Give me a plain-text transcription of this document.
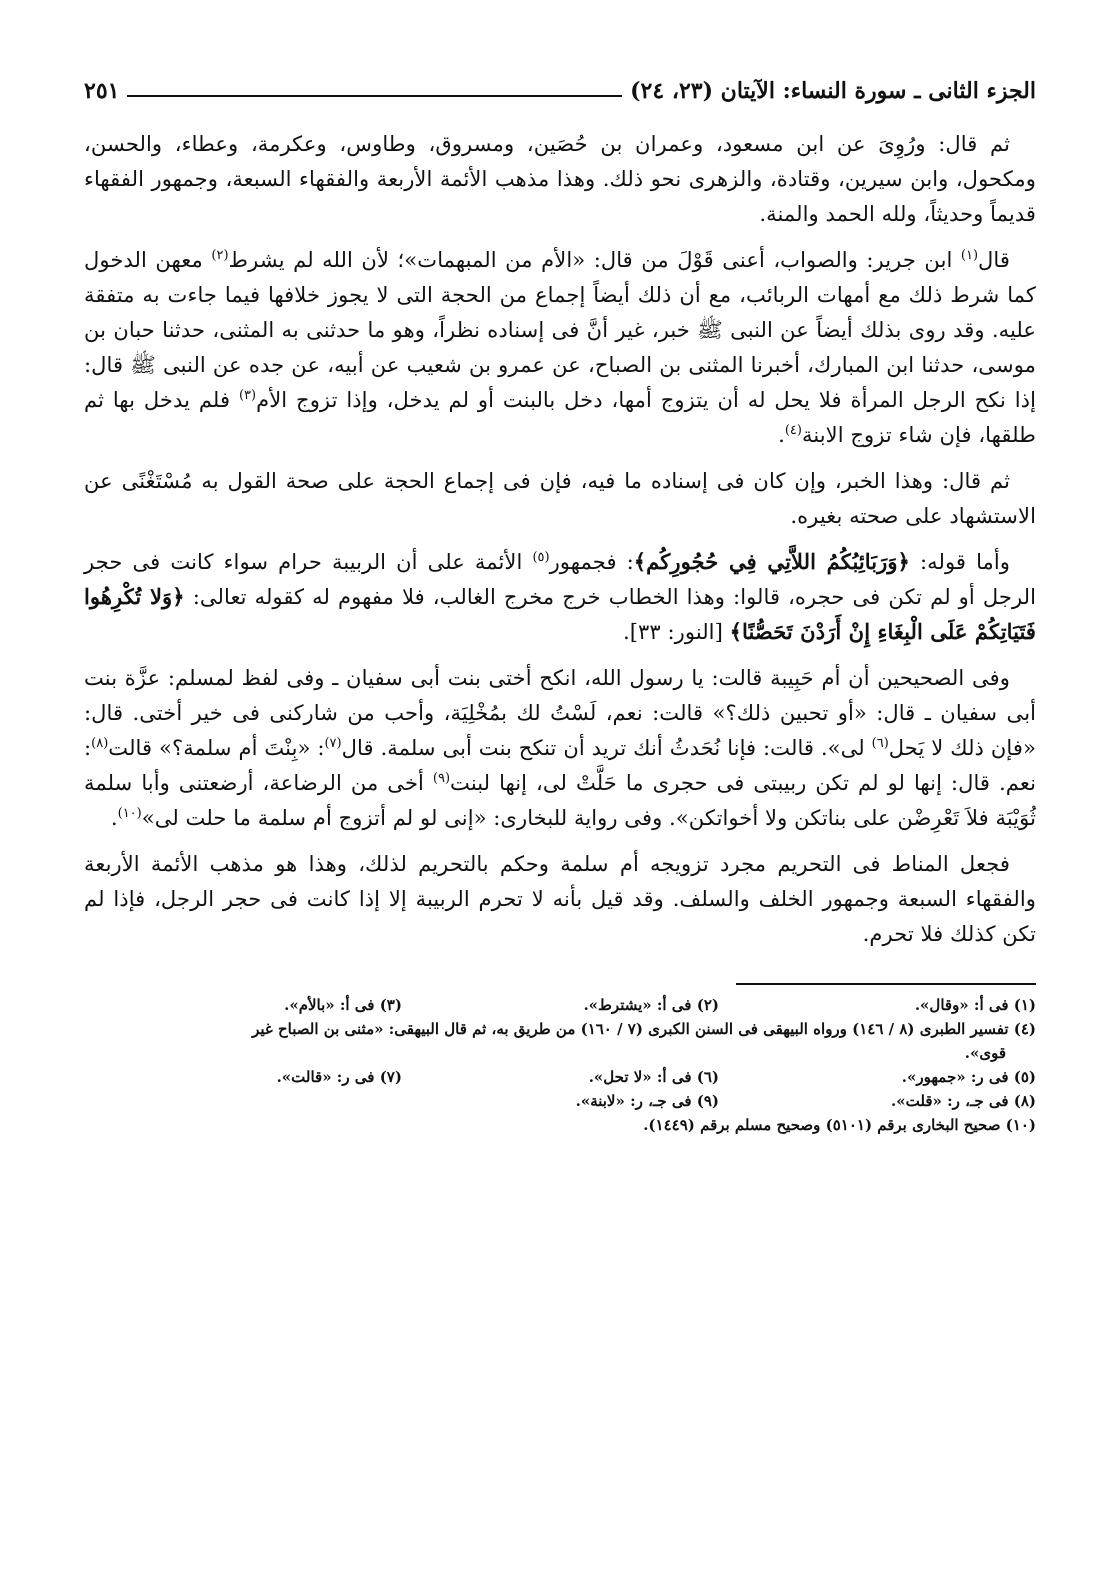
الجزء الثانى ـ سورة النساء: الآيتان (٢٣، ٢٤)
٢٥١

ثم قال: ورُوِىَ عن ابن مسعود، وعمران بن حُصَين، ومسروق، وطاوس، وعكرمة، وعطاء، والحسن، ومكحول، وابن سيرين، وقتادة، والزهرى نحو ذلك. وهذا مذهب الأئمة الأربعة والفقهاء السبعة، وجمهور الفقهاء قديماً وحديثاً، ولله الحمد والمنة.

قال$^{(١)}$ ابن جرير: والصواب، أعنى قَوْلَ من قال: «الأم من المبهمات»؛ لأن الله لم يشرط$^{(٢)}$ معهن الدخول كما شرط ذلك مع أمهات الربائب، مع أن ذلك أيضاً إجماع من الحجة التى لا يجوز خلافها فيما جاءت به متفقة عليه. وقد روى بذلك أيضاً عن النبى ﷺ خبر، غير أنَّ فى إسناده نظراً، وهو ما حدثنى به المثنى، حدثنا حبان بن موسى، حدثنا ابن المبارك، أخبرنا المثنى بن الصباح، عن عمرو بن شعيب عن أبيه، عن جده عن النبى ﷺ قال: إذا نكح الرجل المرأة فلا يحل له أن يتزوج أمها، دخل بالبنت أو لم يدخل، وإذا تزوج الأم$^{(٣)}$ فلم يدخل بها ثم طلقها، فإن شاء تزوج الابنة$^{(٤)}$.

ثم قال: وهذا الخبر، وإن كان فى إسناده ما فيه، فإن فى إجماع الحجة على صحة القول به مُسْتَغْنًى عن الاستشهاد على صحته بغيره.

وأما قوله: ﴿وَرَبَائِبُكُمُ اللاَّتِي فِي حُجُورِكُم﴾: فجمهور$^{(٥)}$ الأئمة على أن الربيبة حرام سواء كانت فى حجر الرجل أو لم تكن فى حجره، قالوا: وهذا الخطاب خرج مخرج الغالب، فلا مفهوم له كقوله تعالى: ﴿وَلا تُكْرِهُوا فَتَيَاتِكُمْ عَلَى الْبِغَاءِ إِنْ أَرَدْنَ تَحَصُّنًا﴾ [النور: ٣٣].

وفى الصحيحين أن أم حَبِيبة قالت: يا رسول الله، انكح أختى بنت أبى سفيان ـ وفى لفظ لمسلم: عزَّة بنت أبى سفيان ـ قال: «أو تحبين ذلك؟» قالت: نعم، لَسْتُ لك بمُخْلِيَة، وأحب من شاركنى فى خير أختى. قال: «فإن ذلك لا يَحل$^{(٦)}$ لى». قالت: فإنا نُحَدثُ أنك تريد أن تنكح بنت أبى سلمة. قال$^{(٧)}$: «بِنْتَ أم سلمة؟» قالت$^{(٨)}$: نعم. قال: إنها لو لم تكن ربيبتى فى حجرى ما حَلَّتْ لى، إنها لبنت$^{(٩)}$ أخى من الرضاعة، أرضعتنى وأبا سلمة ثُوَيْبَة فلاَ تَعْرِضْن على بناتكن ولا أخواتكن». وفى رواية للبخارى: «إنى لو لم أتزوج أم سلمة ما حلت لى»$^{(١٠)}$.

فجعل المناط فى التحريم مجرد تزويجه أم سلمة وحكم بالتحريم لذلك، وهذا هو مذهب الأئمة الأربعة والفقهاء السبعة وجمهور الخلف والسلف. وقد قيل بأنه لا تحرم الربيبة إلا إذا كانت فى حجر الرجل، فإذا لم تكن كذلك فلا تحرم.

(١) فى أ: «وقال».
(٢) فى أ: «يشترط».
(٣) فى أ: «بالأم».
(٤) تفسير الطبرى (٨ / ١٤٦) ورواه البيهقى فى السنن الكبرى (٧ / ١٦٠) من طريق به، ثم قال البيهقى: «مثنى بن الصباح غير
قوى».
(٥) فى ر: «جمهور».
(٦) فى أ: «لا تحل».
(٧) فى ر: «قالت».
(٨) فى جـ، ر: «قلت».
(٩) فى جـ، ر: «لابنة».
(١٠) صحيح البخارى برقم (٥١٠١) وصحيح مسلم برقم (١٤٤٩).
